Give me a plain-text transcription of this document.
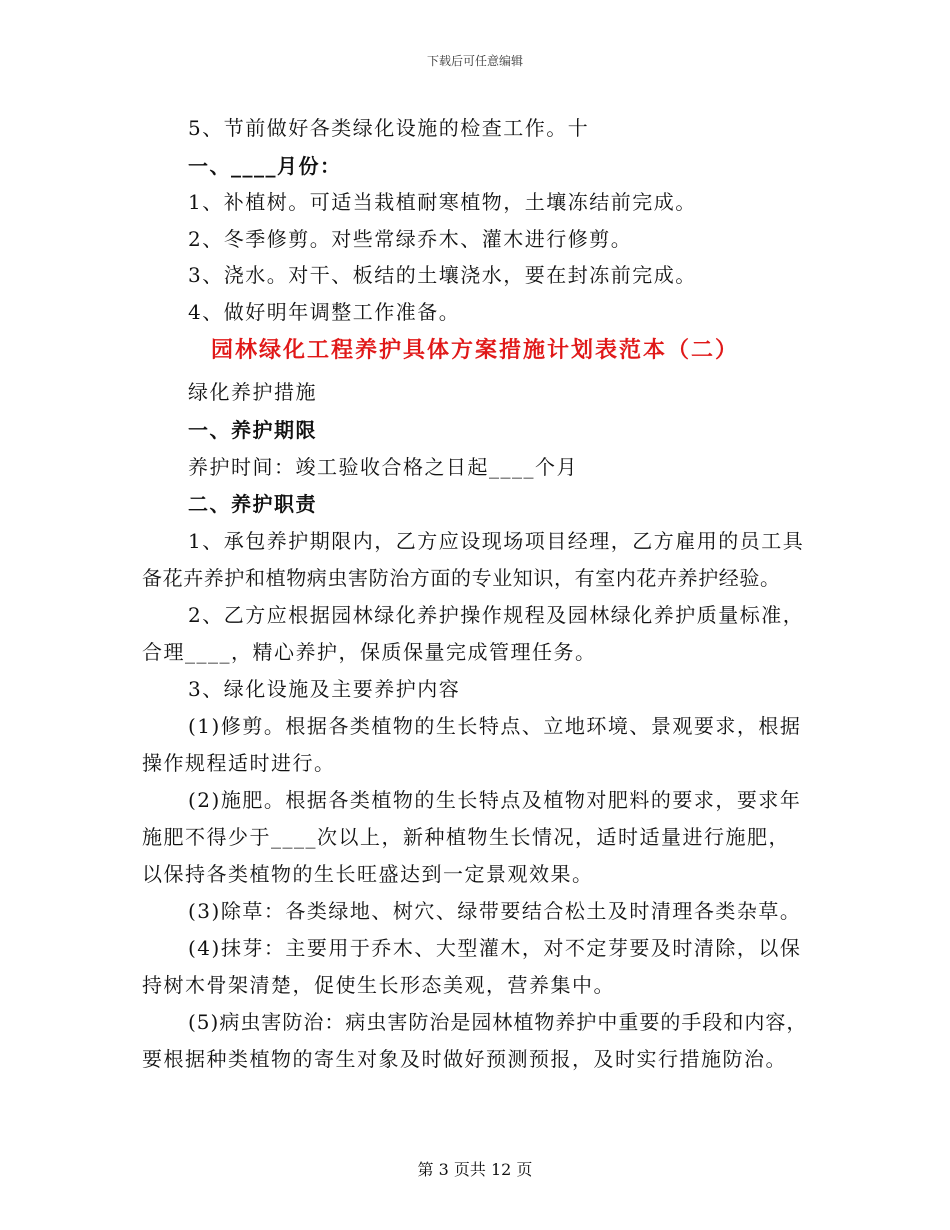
下载后可任意编辑
5、节前做好各类绿化设施的检查工作。十
一、____月份：
1、补植树。可适当栽植耐寒植物，土壤冻结前完成。
2、冬季修剪。对些常绿乔木、灌木进行修剪。
3、浇水。对干、板结的土壤浇水，要在封冻前完成。
4、做好明年调整工作准备。
园林绿化工程养护具体方案措施计划表范本（二）
绿化养护措施
一、养护期限
养护时间：竣工验收合格之日起____个月
二、养护职责
1、承包养护期限内，乙方应设现场项目经理，乙方雇用的员工具
备花卉养护和植物病虫害防治方面的专业知识，有室内花卉养护经验。
2、乙方应根据园林绿化养护操作规程及园林绿化养护质量标准，
合理____，精心养护，保质保量完成管理任务。
3、绿化设施及主要养护内容
(1)修剪。根据各类植物的生长特点、立地环境、景观要求，根据
操作规程适时进行。
(2)施肥。根据各类植物的生长特点及植物对肥料的要求，要求年
施肥不得少于____次以上，新种植物生长情况，适时适量进行施肥，
以保持各类植物的生长旺盛达到一定景观效果。
(3)除草：各类绿地、树穴、绿带要结合松土及时清理各类杂草。
(4)抹芽：主要用于乔木、大型灌木，对不定芽要及时清除，以保
持树木骨架清楚，促使生长形态美观，营养集中。
(5)病虫害防治：病虫害防治是园林植物养护中重要的手段和内容，
要根据种类植物的寄生对象及时做好预测预报，及时实行措施防治。
第 3 页共 12 页
